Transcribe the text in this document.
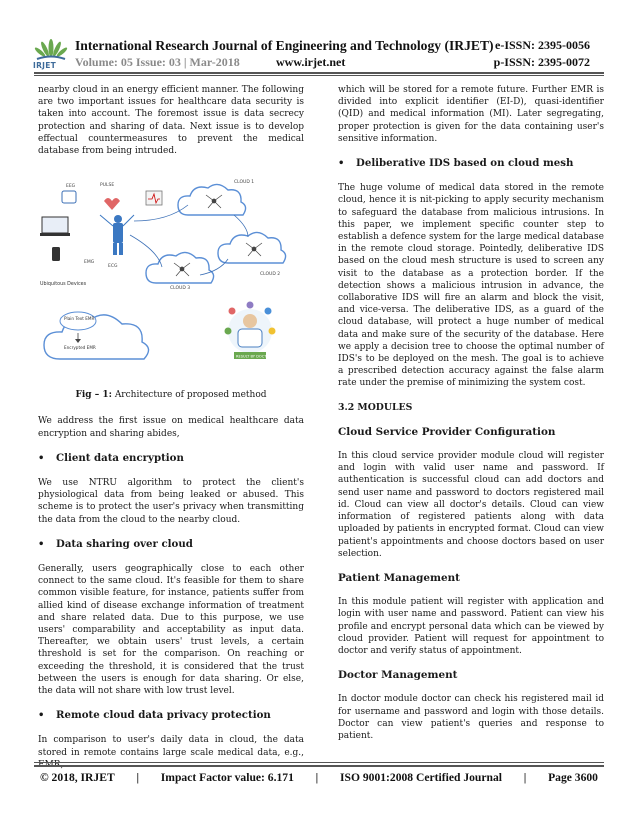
IRJET
International Research Journal of Engineering and Technology (IRJET)
Volume: 05 Issue: 03 | Mar-2018	www.irjet.net
e-ISSN: 2395-0056
p-ISSN: 2395-0072

nearby cloud in an energy efficient manner. The following are two important issues for healthcare data security is taken into account. The foremost issue is data secrecy protection and sharing of data. Next issue is to develop effectual countermeasures to prevent the medical database from being intruded.

EEG	PULSE
EMG
ECG
Ubiquitous Devices
CLOUD 1
CLOUD 2
CLOUD 3
Plain Text EMR
Encrypted EMR
RESULT BY DOCTOR
Fig – 1: Architecture of proposed method

We address the first issue on medical healthcare data encryption and sharing abides,

•	Client data encryption

We use NTRU algorithm to protect the client's physiological data from being leaked or abused. This scheme is to protect the user's privacy when transmitting the data from the cloud to the nearby cloud.

•	Data sharing over cloud

Generally, users geographically close to each other connect to the same cloud. It's feasible for them to share common visible feature, for instance, patients suffer from allied kind of disease exchange information of treatment and share related data. Due to this purpose, we use users' comparability and acceptability as input data. Thereafter, we obtain users' trust levels, a certain threshold is set for the comparison. On reaching or exceeding the threshold, it is considered that the trust between the users is enough for data sharing. Or else, the data will not share with low trust level.

•	Remote cloud data privacy protection

In comparison to user's daily data in cloud, the data stored in remote contains large scale medical data, e.g.,

which will be stored for a remote future. Further EMR is divided into explicit identifier (EI-D), quasi-identifier (QID) and medical information (MI). Later segregating, proper protection is given for the data containing user's sensitive information.

•	Deliberative IDS based on cloud mesh

The huge volume of medical data stored in the remote cloud, hence it is nit-picking to apply security mechanism to safeguard the database from malicious intrusions. In this paper, we implement specific counter step to establish a defence system for the large medical database in the remote cloud storage. Pointedly, deliberative IDS based on the cloud mesh structure is used to screen any visit to the database as a protection border. If the detection shows a malicious intrusion in advance, the collaborative IDS will fire an alarm and block the visit, and vice-versa. The deliberative IDS, as a guard of the cloud database, will protect a huge number of medical data and make sure of the security of the database. Here we apply a decision tree to choose the optimal number of IDS's to be deployed on the mesh. The goal is to achieve a prescribed detection accuracy against the false alarm rate under the premise of minimizing the system cost.

3.2 MODULES
Cloud Service Provider Configuration

In this cloud service provider module cloud will register and login with valid user name and password. If authentication is successful cloud can add doctors and send user name and password to doctors registered mail id. Cloud can view all doctor's details. Cloud can view information of registered patients along with data uploaded by patients in encrypted format. Cloud can view patient's appointments and choose doctors based on user selection.

Patient Management

In this module patient will register with application and login with user name and password. Patient can view his profile and encrypt personal data which can be viewed by cloud provider. Patient will request for appointment to doctor and verify status of appointment.

Doctor Management

In doctor module doctor can check his registered mail id for username and password and login with those details. Doctor can view patient's queries and response to patient.

© 2018, IRJET	|	Impact Factor value: 6.171	|	ISO 9001:2008 Certified Journal	|	Page 3600
